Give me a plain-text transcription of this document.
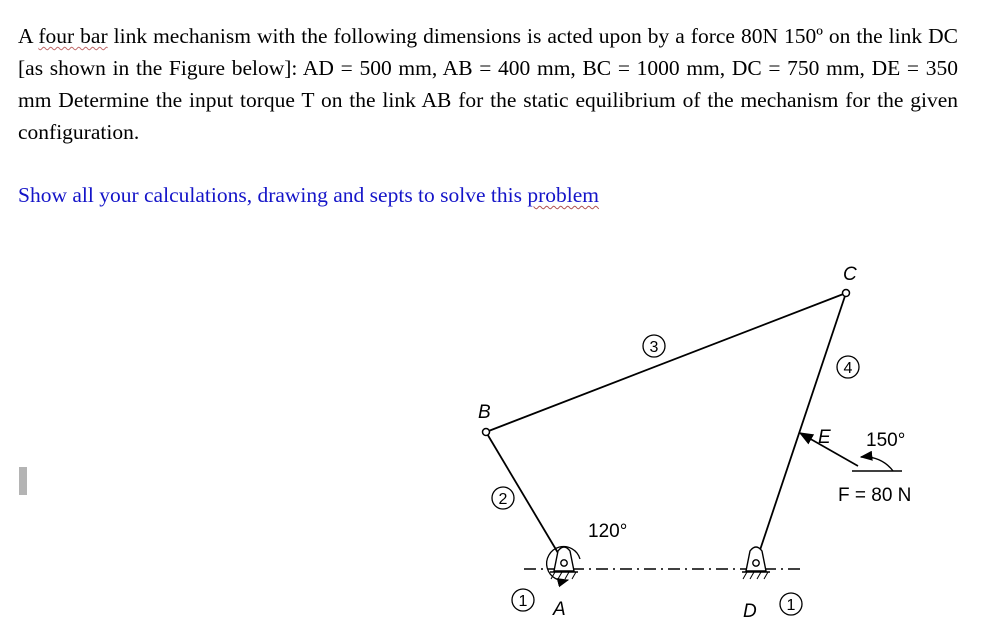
A four bar link mechanism with the following dimensions is acted upon by a force 80N 150º on the link DC [as shown in the Figure below]: AD = 500 mm, AB = 400 mm, BC = 1000 mm, DC = 750 mm, DE = 350 mm Determine the input torque T on the link AB for the static equilibrium of the mechanism for the given configuration.
Show all your calculations, drawing and septs to solve this problem
B
C
E
A	D
120°
150°
F = 80 N
3
4
2
1	1
